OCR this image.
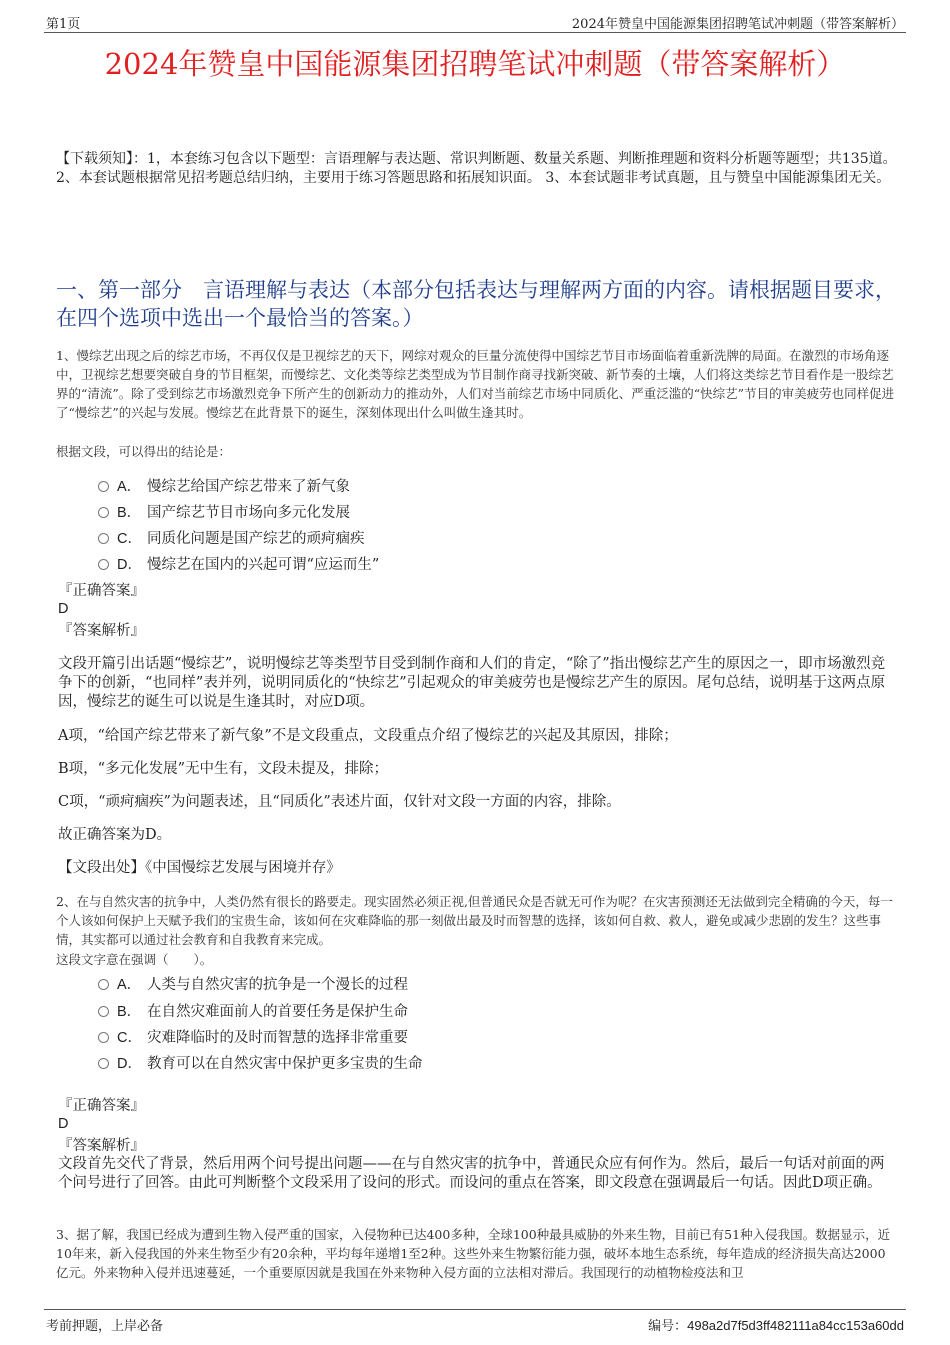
第1页	2024年赞皇中国能源集团招聘笔试冲刺题（带答案解析）
2024年赞皇中国能源集团招聘笔试冲刺题（带答案解析）
【下载须知】：1，本套练习包含以下题型：言语理解与表达题、常识判断题、数量关系题、判断推理题和资料分析题等题型；共135道。 2、本套试题根据常见招考题总结归纳，主要用于练习答题思路和拓展知识面。 3、本套试题非考试真题，且与赞皇中国能源集团无关。
一、第一部分　言语理解与表达（本部分包括表达与理解两方面的内容。请根据题目要求，在四个选项中选出一个最恰当的答案。）
1、慢综艺出现之后的综艺市场，不再仅仅是卫视综艺的天下，网综对观众的巨量分流使得中国综艺节目市场面临着重新洗牌的局面。在激烈的市场角逐中，卫视综艺想要突破自身的节目框架，而慢综艺、文化类等综艺类型成为节目制作商寻找新突破、新节奏的土壤，人们将这类综艺节目看作是一股综艺界的“清流”。除了受到综艺市场激烈竞争下所产生的创新动力的推动外，人们对当前综艺市场中同质化、严重泛滥的“快综艺”节目的审美疲劳也同样促进了“慢综艺”的兴起与发展。慢综艺在此背景下的诞生，深刻体现出什么叫做生逢其时。
根据文段，可以得出的结论是：
A． 慢综艺给国产综艺带来了新气象
B． 国产综艺节目市场向多元化发展
C． 同质化问题是国产综艺的顽疴痼疾
D． 慢综艺在国内的兴起可谓“应运而生”
『正确答案』
D
『答案解析』
文段开篇引出话题“慢综艺”，说明慢综艺等类型节目受到制作商和人们的肯定，“除了”指出慢综艺产生的原因之一，即市场激烈竞争下的创新，“也同样”表并列，说明同质化的“快综艺”引起观众的审美疲劳也是慢综艺产生的原因。尾句总结，说明基于这两点原因，慢综艺的诞生可以说是生逢其时，对应D项。
A项，“给国产综艺带来了新气象”不是文段重点，文段重点介绍了慢综艺的兴起及其原因，排除；
B项，“多元化发展”无中生有，文段未提及，排除；
C项，“顽疴痼疾”为问题表述，且“同质化”表述片面，仅针对文段一方面的内容，排除。
故正确答案为D。
【文段出处】《中国慢综艺发展与困境并存》
2、在与自然灾害的抗争中，人类仍然有很长的路要走。现实固然必须正视,但普通民众是否就无可作为呢？在灾害预测还无法做到完全精确的今天，每一个人该如何保护上天赋予我们的宝贵生命，该如何在灾难降临的那一刻做出最及时而智慧的选择，该如何自救、救人，避免或减少悲剧的发生？这些事情，其实都可以通过社会教育和自我教育来完成。
这段文字意在强调（　　）。
A． 人类与自然灾害的抗争是一个漫长的过程
B． 在自然灾难面前人的首要任务是保护生命
C． 灾难降临时的及时而智慧的选择非常重要
D． 教育可以在自然灾害中保护更多宝贵的生命
『正确答案』
D
『答案解析』
文段首先交代了背景，然后用两个问号提出问题——在与自然灾害的抗争中，普通民众应有何作为。然后，最后一句话对前面的两个问号进行了回答。由此可判断整个文段采用了设问的形式。而设问的重点在答案，即文段意在强调最后一句话。因此D项正确。
3、据了解，我国已经成为遭到生物入侵严重的国家，入侵物种已达400多种，全球100种最具威胁的外来生物，目前已有51种入侵我国。数据显示，近10年来，新入侵我国的外来生物至少有20余种，平均每年递增1至2种。这些外来生物繁衍能力强，破坏本地生态系统，每年造成的经济损失高达2000亿元。外来物种入侵并迅速蔓延，一个重要原因就是我国在外来物种入侵方面的立法相对滞后。我国现行的动植物检疫法和卫
考前押题，上岸必备	编号：498a2d7f5d3ff482111a84cc153a60dd
